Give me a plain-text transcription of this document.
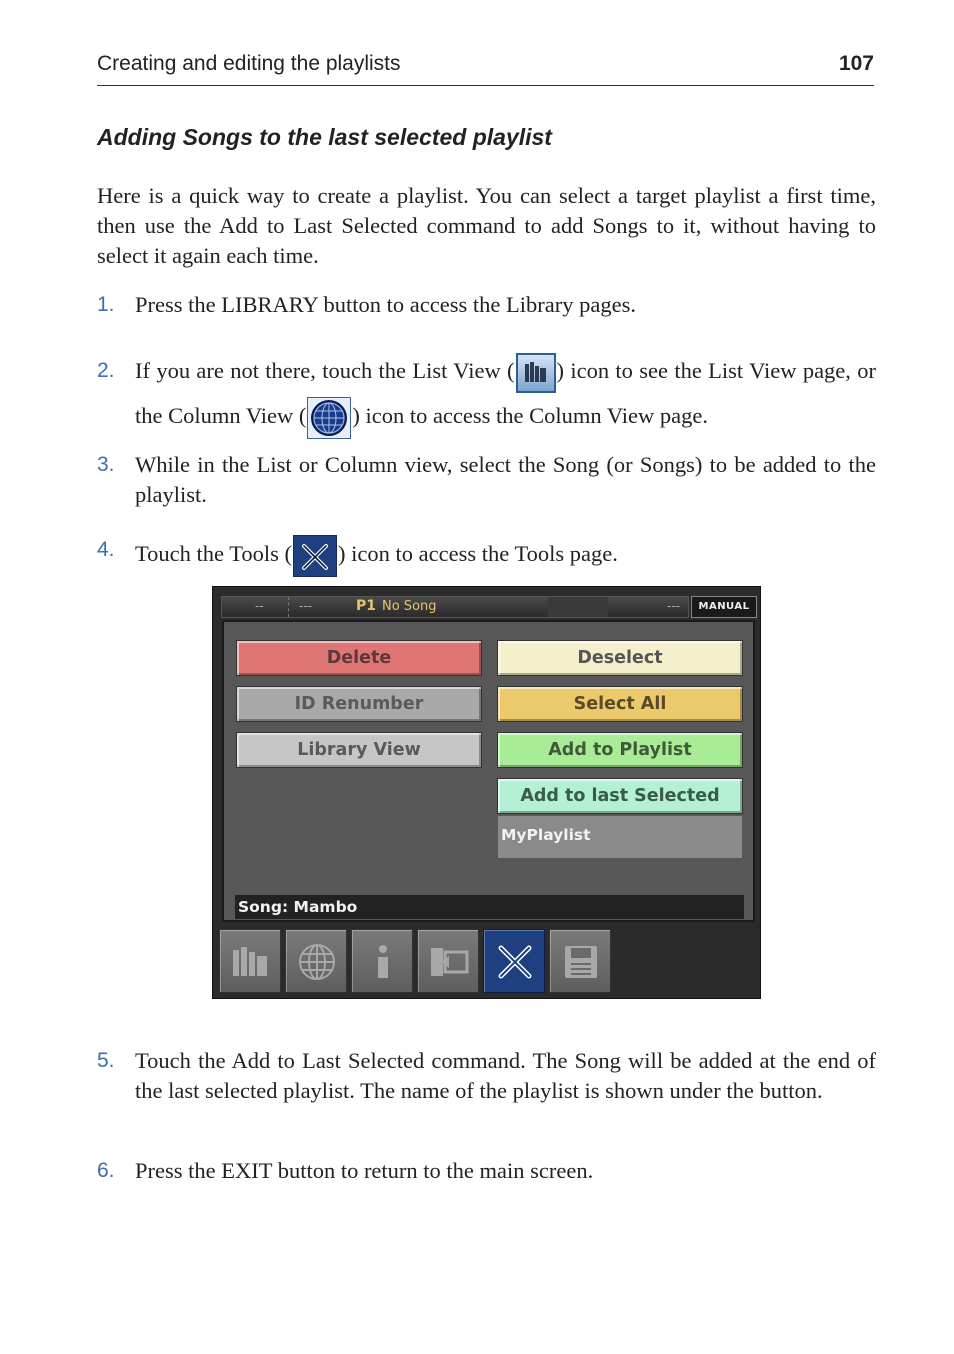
Creating and editing the playlists	107
Adding Songs to the last selected playlist
Here is a quick way to create a playlist. You can select a target playlist a first time, then use the Add to Last Selected command to add Songs to it, without having to select it again each time.
1. Press the LIBRARY button to access the Library pages.
2. If you are not there, touch the List View ( ) icon to see the List View page, or the Column View ( ) icon to access the Column View page.
3. While in the List or Column view, select the Song (or Songs) to be added to the playlist.
4. Touch the Tools ( ) icon to access the Tools page.
--	---	P1 No Song	---	MANUAL
Delete
ID Renumber
Library View
Deselect
Select All
Add to Playlist
Add to last Selected
MyPlaylist
Song: Mambo
5. Touch the Add to Last Selected command. The Song will be added at the end of the last selected playlist. The name of the playlist is shown under the button.
6. Press the EXIT button to return to the main screen.
